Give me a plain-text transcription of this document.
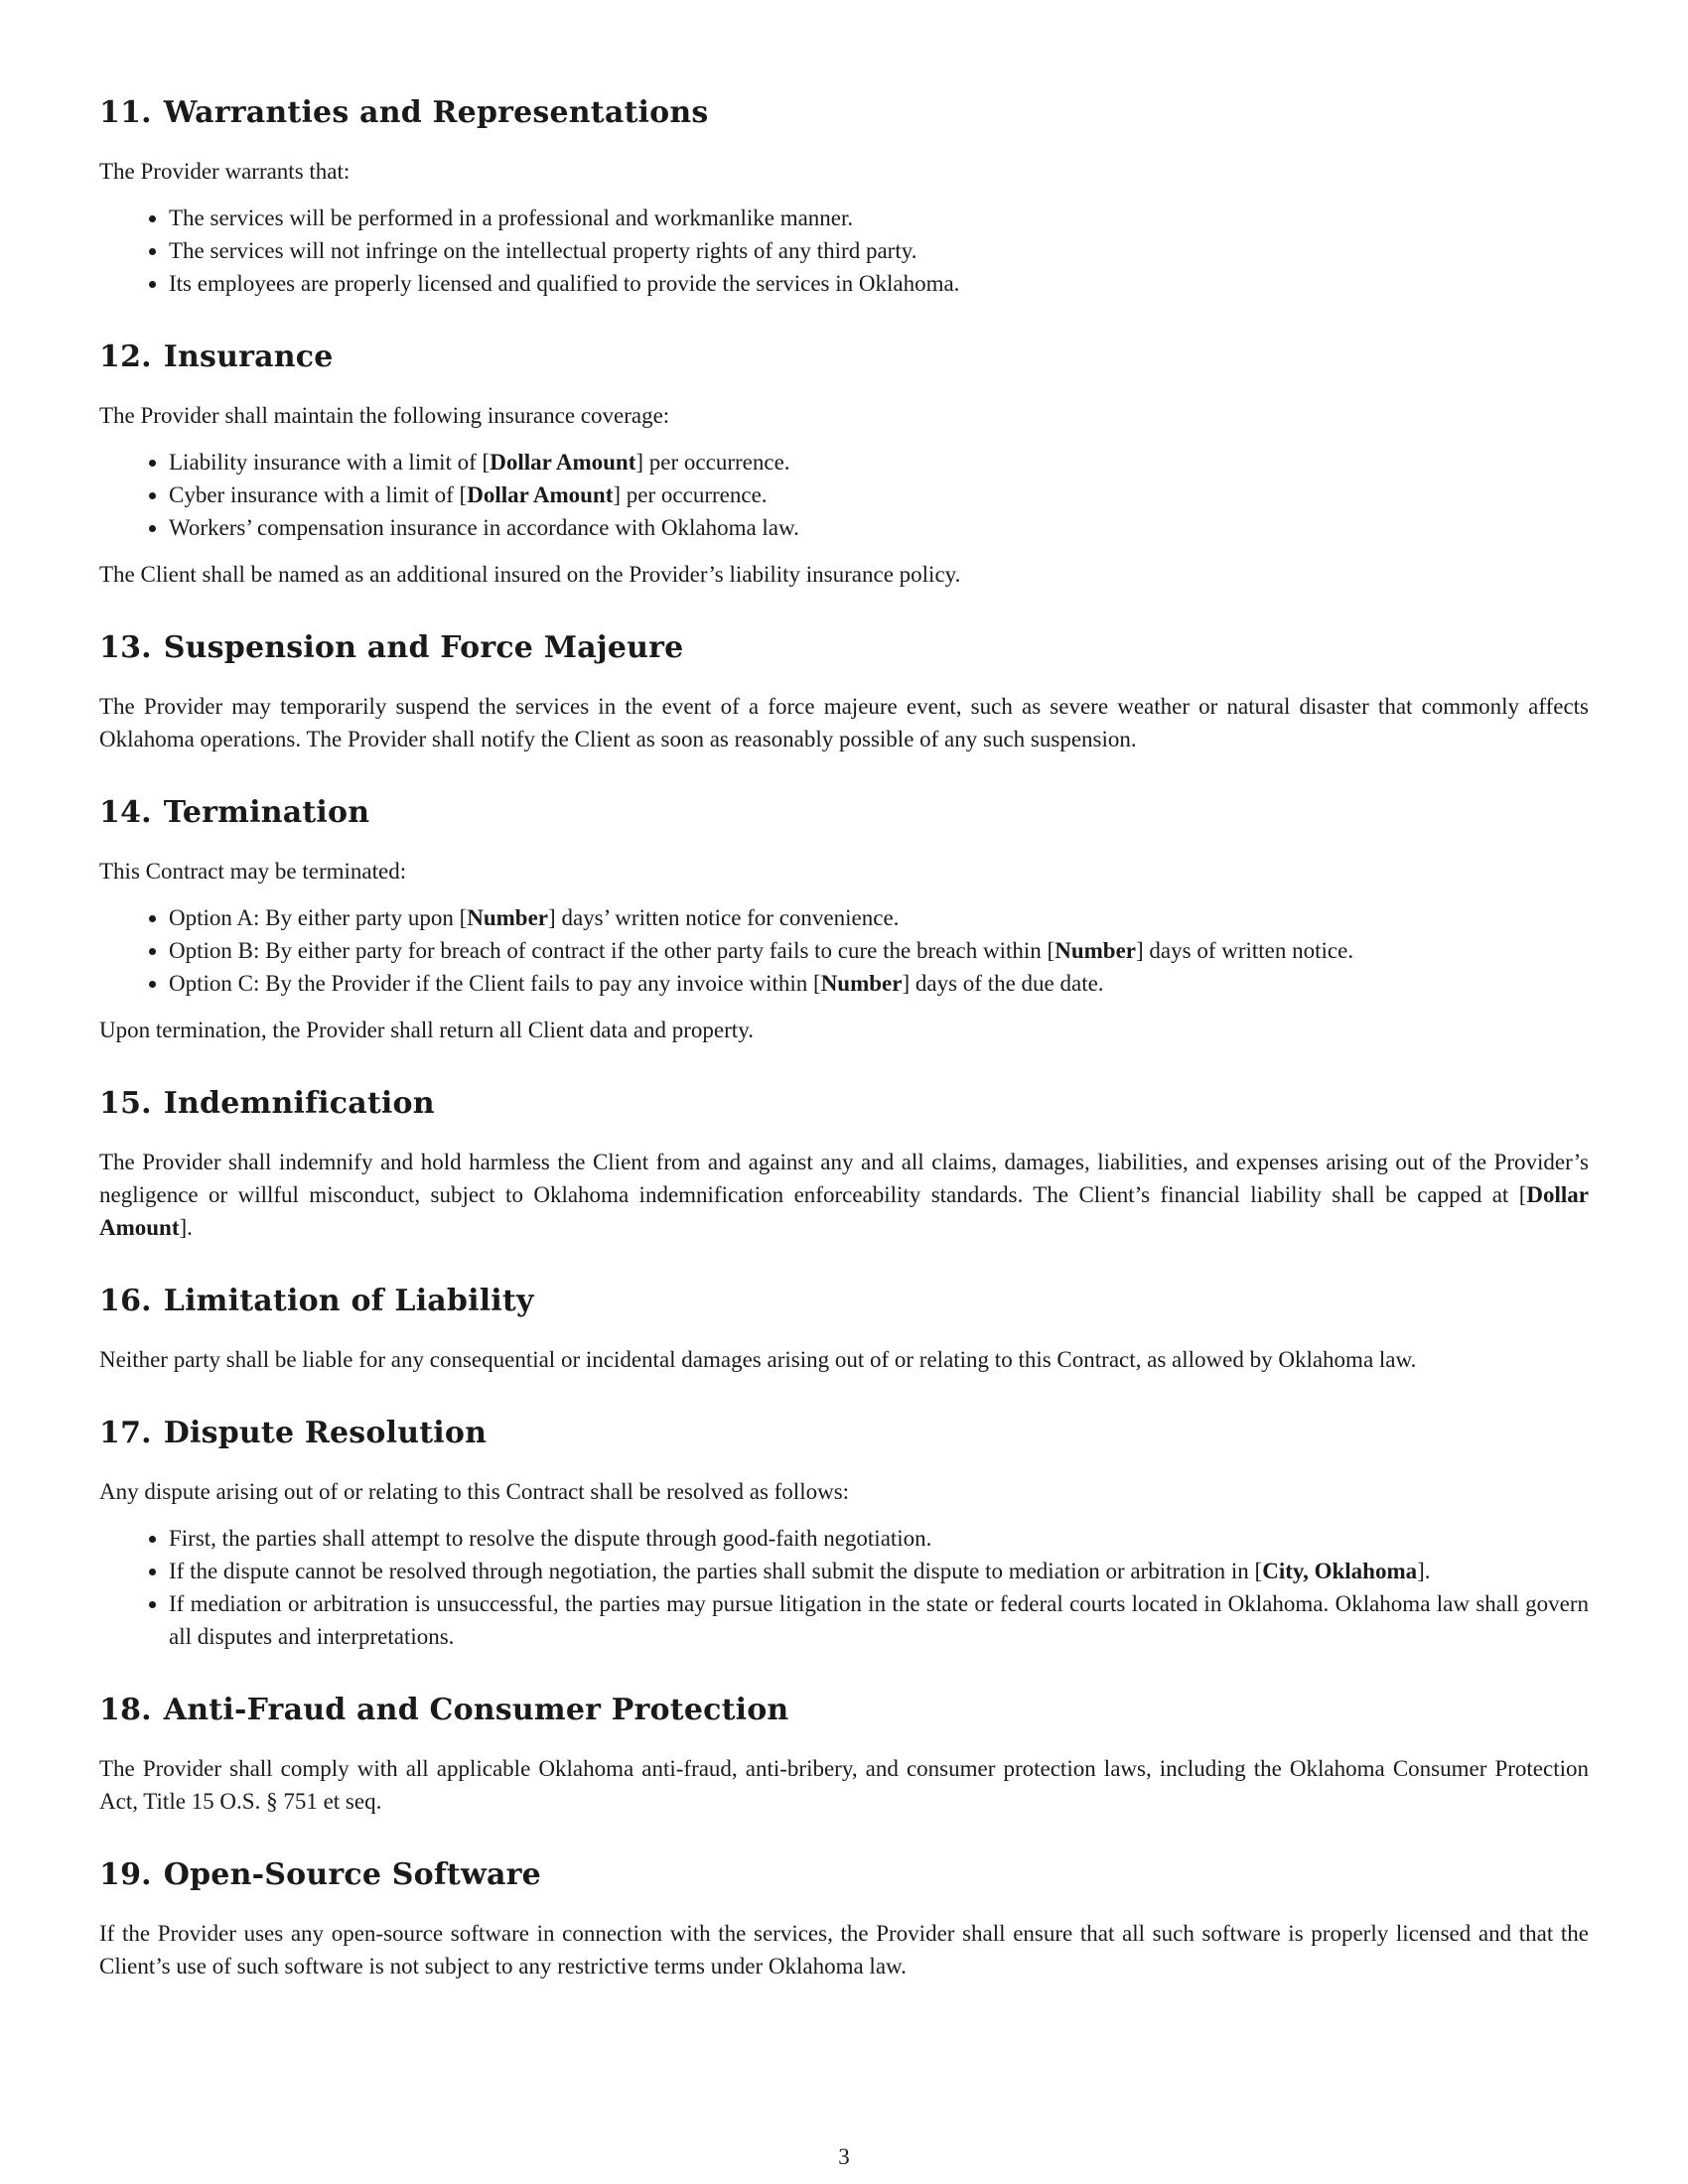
11. Warranties and Representations

The Provider warrants that:

• The services will be performed in a professional and workmanlike manner.
• The services will not infringe on the intellectual property rights of any third party.
• Its employees are properly licensed and qualified to provide the services in Oklahoma.
12. Insurance

The Provider shall maintain the following insurance coverage:

• Liability insurance with a limit of [Dollar Amount] per occurrence.
• Cyber insurance with a limit of [Dollar Amount] per occurrence.
• Workers’ compensation insurance in accordance with Oklahoma law.

The Client shall be named as an additional insured on the Provider’s liability insurance policy.

13. Suspension and Force Majeure

The Provider may temporarily suspend the services in the event of a force majeure event, such as severe weather or natural disaster that commonly affects Oklahoma operations. The Provider shall notify the Client as soon as reasonably possible of any such suspension.

14. Termination

This Contract may be terminated:

• Option A: By either party upon [Number] days’ written notice for convenience.
• Option B: By either party for breach of contract if the other party fails to cure the breach within [Number] days of written notice.
• Option C: By the Provider if the Client fails to pay any invoice within [Number] days of the due date.

Upon termination, the Provider shall return all Client data and property.

15. Indemnification

The Provider shall indemnify and hold harmless the Client from and against any and all claims, damages, liabilities, and expenses arising out of the Provider’s negligence or willful misconduct, subject to Oklahoma indemnification enforceability standards. The Client’s financial liability shall be capped at [Dollar Amount].

16. Limitation of Liability

Neither party shall be liable for any consequential or incidental damages arising out of or relating to this Contract, as allowed by Oklahoma law.

17. Dispute Resolution

Any dispute arising out of or relating to this Contract shall be resolved as follows:

• First, the parties shall attempt to resolve the dispute through good-faith negotiation.
• If the dispute cannot be resolved through negotiation, the parties shall submit the dispute to mediation or arbitration in [City, Oklahoma].
• If mediation or arbitration is unsuccessful, the parties may pursue litigation in the state or federal courts located in Oklahoma. Oklahoma law shall govern all disputes and interpretations.
18. Anti-Fraud and Consumer Protection

The Provider shall comply with all applicable Oklahoma anti-fraud, anti-bribery, and consumer protection laws, including the Oklahoma Consumer Protection Act, Title 15 O.S. § 751 et seq.

19. Open-Source Software

If the Provider uses any open-source software in connection with the services, the Provider shall ensure that all such software is properly licensed and that the Client’s use of such software is not subject to any restrictive terms under Oklahoma law.

3
